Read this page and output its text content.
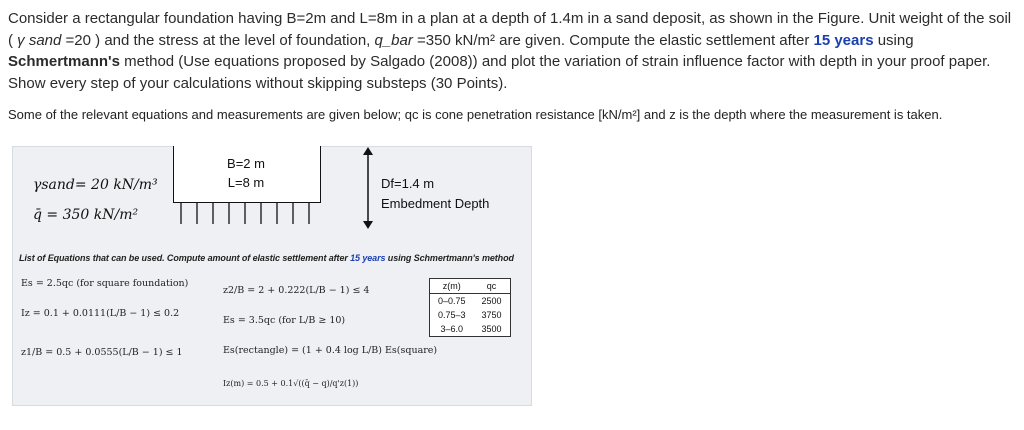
Consider a rectangular foundation having B=2m and L=8m in a plan at a depth of 1.4m in a sand deposit, as shown in the Figure. Unit weight of the soil ( γ sand =20 ) and the stress at the level of foundation, q_bar =350 kN/m² are given. Compute the elastic settlement after 15 years using Schmertmann's method (Use equations proposed by Salgado (2008)) and plot the variation of strain influence factor with depth in your proof paper. Show every step of your calculations without skipping substeps (30 Points).
Some of the relevant equations and measurements are given below; qc is cone penetration resistance [kN/m²] and z is the depth where the measurement is taken.
γsand= 20 kN/m³
q̄ = 350 kN/m²
B=2 m
L=8 m	Df=1.4 m
Embedment Depth
List of Equations that can be used. Compute amount of elastic settlement after 15 years using Schmertmann's method
Es = 2.5qc (for square foundation)
Iz = 0.1 + 0.0111(L/B − 1) ≤ 0.2
z1/B = 0.5 + 0.0555(L/B − 1) ≤ 1
z2/B = 2 + 0.222(L/B − 1) ≤ 4
Es = 3.5qc (for L/B ≥ 10)
Es(rectangle) = (1 + 0.4 log L/B) Es(square)
Iz(m) = 0.5 + 0.1√((q̄ − q)/q'z(1))
z(m)	qc
0–0.75	2500
0.75–3	3750
3–6.0	3500
